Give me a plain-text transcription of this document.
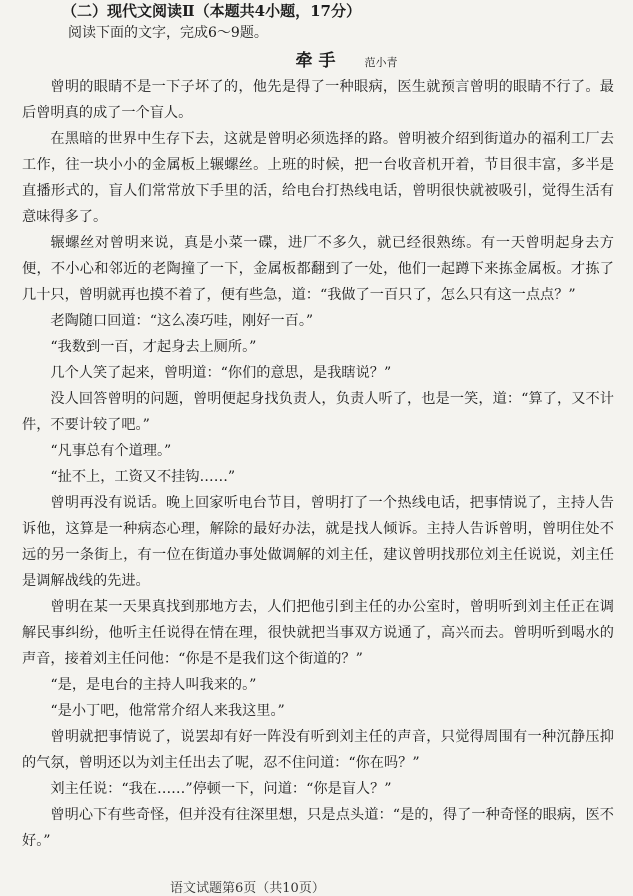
（二）现代文阅读Ⅱ（本题共4小题，17分）
阅读下面的文字，完成6～9题。
牵手 范小青

曾明的眼睛不是一下子坏了的，他先是得了一种眼病，医生就预言曾明的眼睛不行了。最后曾明真的成了一个盲人。

在黑暗的世界中生存下去，这就是曾明必须选择的路。曾明被介绍到街道办的福利工厂去工作，往一块小小的金属板上辗螺丝。上班的时候，把一台收音机开着，节目很丰富，多半是直播形式的，盲人们常常放下手里的活，给电台打热线电话，曾明很快就被吸引，觉得生活有意味得多了。

辗螺丝对曾明来说，真是小菜一碟，进厂不多久，就已经很熟练。有一天曾明起身去方便，不小心和邻近的老陶撞了一下，金属板都翻到了一处，他们一起蹲下来拣金属板。才拣了几十只，曾明就再也摸不着了，便有些急，道：“我做了一百只了，怎么只有这一点点？”

老陶随口回道：“这么凑巧哇，刚好一百。”

“我数到一百，才起身去上厕所。”

几个人笑了起来，曾明道：“你们的意思，是我瞎说？”

没人回答曾明的问题，曾明便起身找负责人，负责人听了，也是一笑，道：“算了，又不计件，不要计较了吧。”

“凡事总有个道理。”

“扯不上，工资又不挂钩……”

曾明再没有说话。晚上回家听电台节目，曾明打了一个热线电话，把事情说了，主持人告诉他，这算是一种病态心理，解除的最好办法，就是找人倾诉。主持人告诉曾明，曾明住处不远的另一条街上，有一位在街道办事处做调解的刘主任，建议曾明找那位刘主任说说，刘主任是调解战线的先进。

曾明在某一天果真找到那地方去，人们把他引到主任的办公室时，曾明听到刘主任正在调解民事纠纷，他听主任说得在情在理，很快就把当事双方说通了，高兴而去。曾明听到喝水的声音，接着刘主任问他：“你是不是我们这个街道的？”

“是，是电台的主持人叫我来的。”

“是小丁吧，他常常介绍人来我这里。”

曾明就把事情说了，说罢却有好一阵没有听到刘主任的声音，只觉得周围有一种沉静压抑的气氛，曾明还以为刘主任出去了呢，忍不住问道：“你在吗？”

刘主任说：“我在……”停顿一下，问道：“你是盲人？”

曾明心下有些奇怪，但并没有往深里想，只是点头道：“是的，得了一种奇怪的眼病，医不好。”

语文试题第6页（共10页）
